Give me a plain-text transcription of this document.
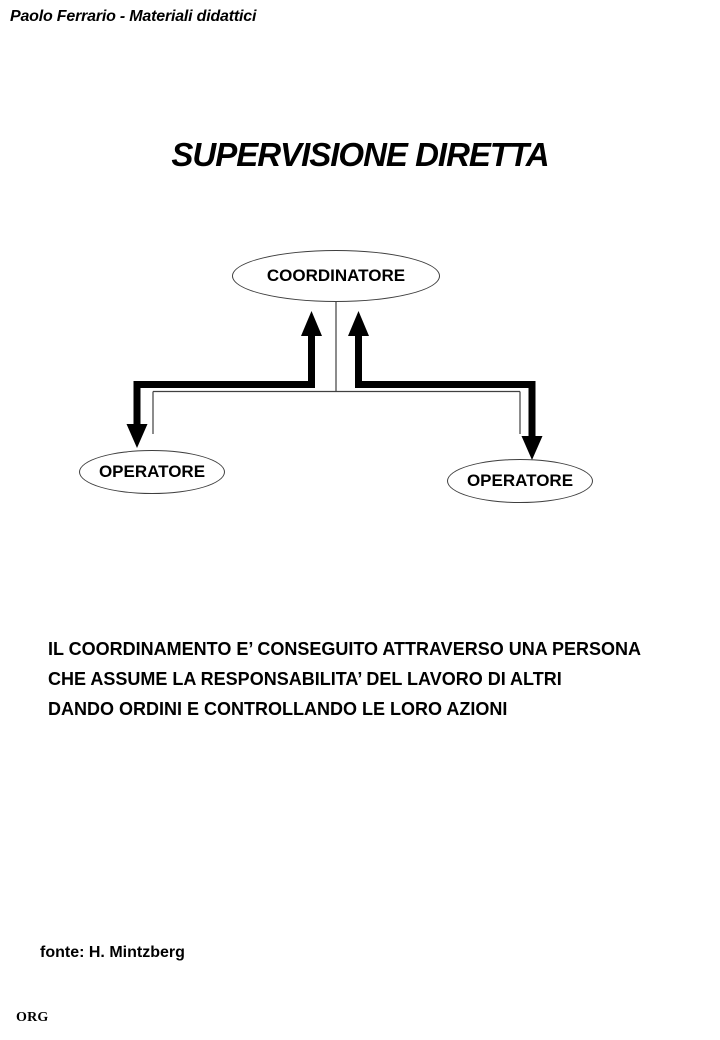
Paolo Ferrario - Materiali didattici
SUPERVISIONE DIRETTA
COORDINATORE
OPERATORE	OPERATORE

IL COORDINAMENTO E’ CONSEGUITO ATTRAVERSO UNA PERSONA

CHE ASSUME LA RESPONSABILITA’ DEL LAVORO DI ALTRI

DANDO ORDINI E CONTROLLANDO LE LORO AZIONI

fonte: H. Mintzberg
ORG
